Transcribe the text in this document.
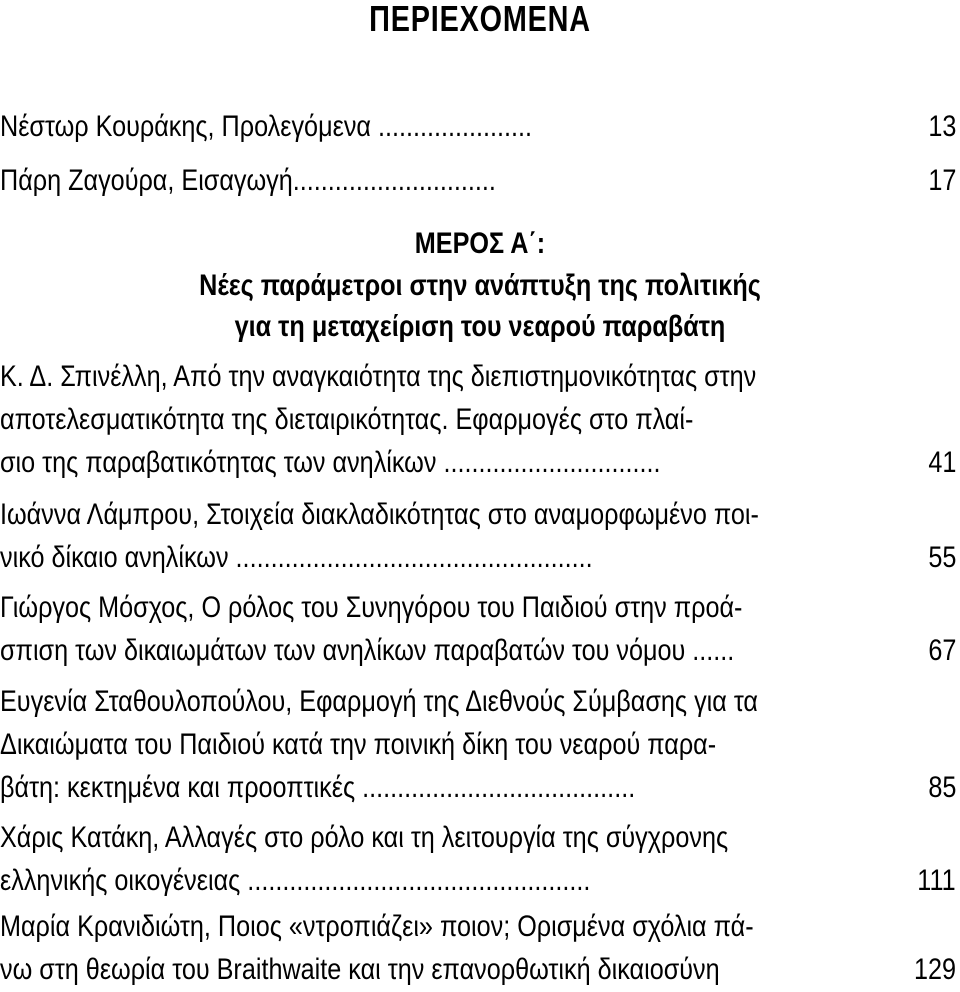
ΠΕΡΙΕΧΟΜΕΝΑ
Νέστωρ Κουράκης, Προλεγόμενα ......................	13
Πάρη Ζαγούρα, Εισαγωγή.............................	17
ΜΕΡΟΣ Α΄:
Νέες παράμετροι στην ανάπτυξη της πολιτικής
για τη μεταχείριση του νεαρού παραβάτη
Κ. Δ. Σπινέλλη, Από την αναγκαιότητα της διεπιστημονικότητας στην
αποτελεσματικότητα της διεταιρικότητας. Εφαρμογές στο πλαί-
σιο της παραβατικότητας των ανηλίκων ...............................	41
Ιωάννα Λάμπρου, Στοιχεία διακλαδικότητας στο αναμορφωμένο ποι-
νικό δίκαιο ανηλίκων ...................................................	55
Γιώργος Μόσχος, Ο ρόλος του Συνηγόρου του Παιδιού στην προά-
σπιση των δικαιωμάτων των ανηλίκων παραβατών του νόμου ......	67
Ευγενία Σταθουλοπούλου, Εφαρμογή της Διεθνούς Σύμβασης για τα
Δικαιώματα του Παιδιού κατά την ποινική δίκη του νεαρού παρα-
βάτη: κεκτημένα και προοπτικές .......................................	85
Χάρις Κατάκη, Αλλαγές στο ρόλο και τη λειτουργία της σύγχρονης
ελληνικής οικογένειας .................................................	111
Μαρία Κρανιδιώτη, Ποιος «ντροπιάζει» ποιον; Ορισμένα σχόλια πά-
νω στη θεωρία του Braithwaite και την επανορθωτική δικαιοσύνη	129
